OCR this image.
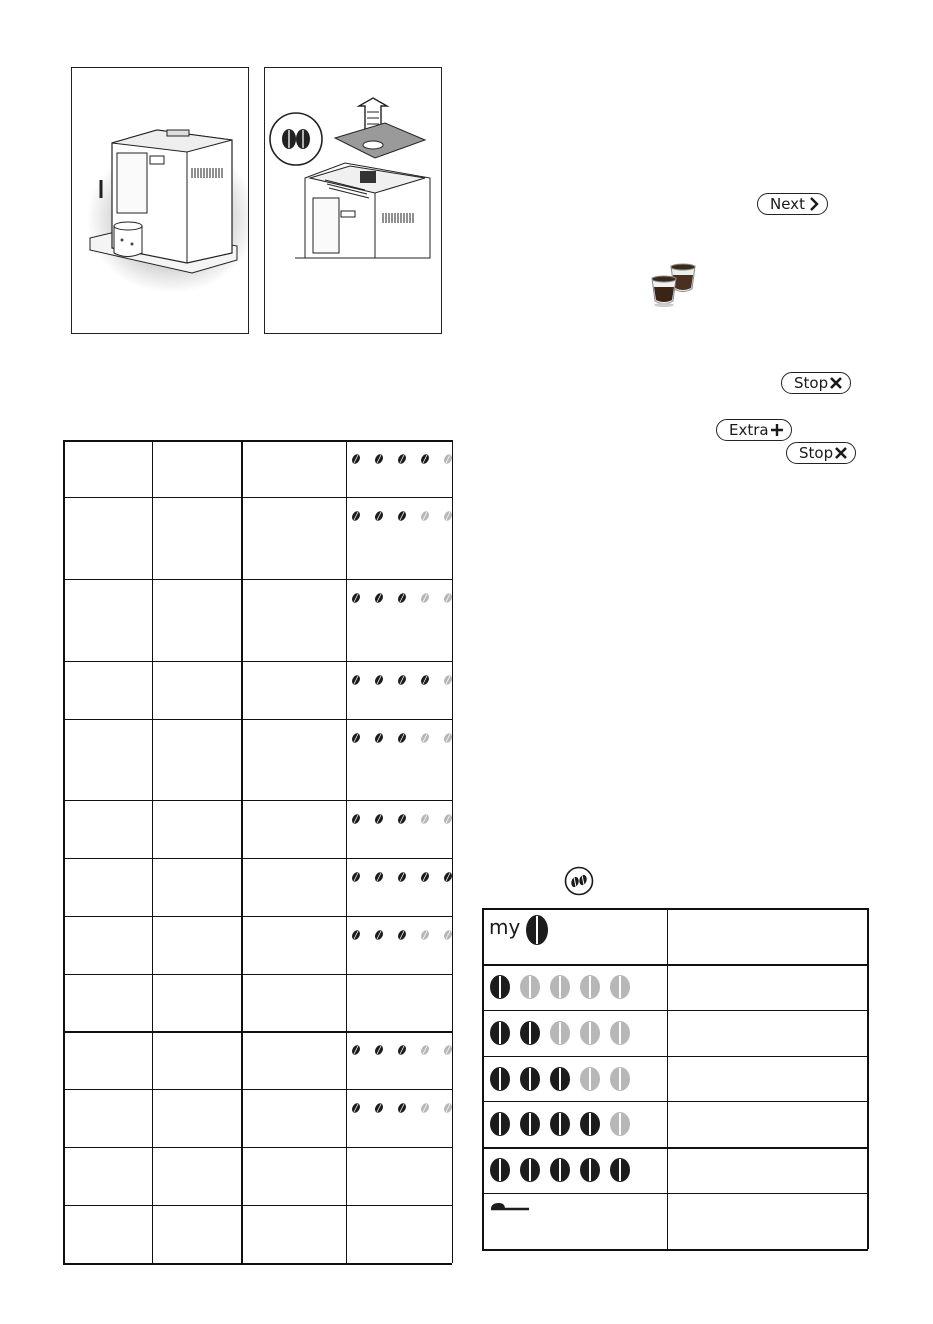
Next
Stop
Extra
Stop
my
